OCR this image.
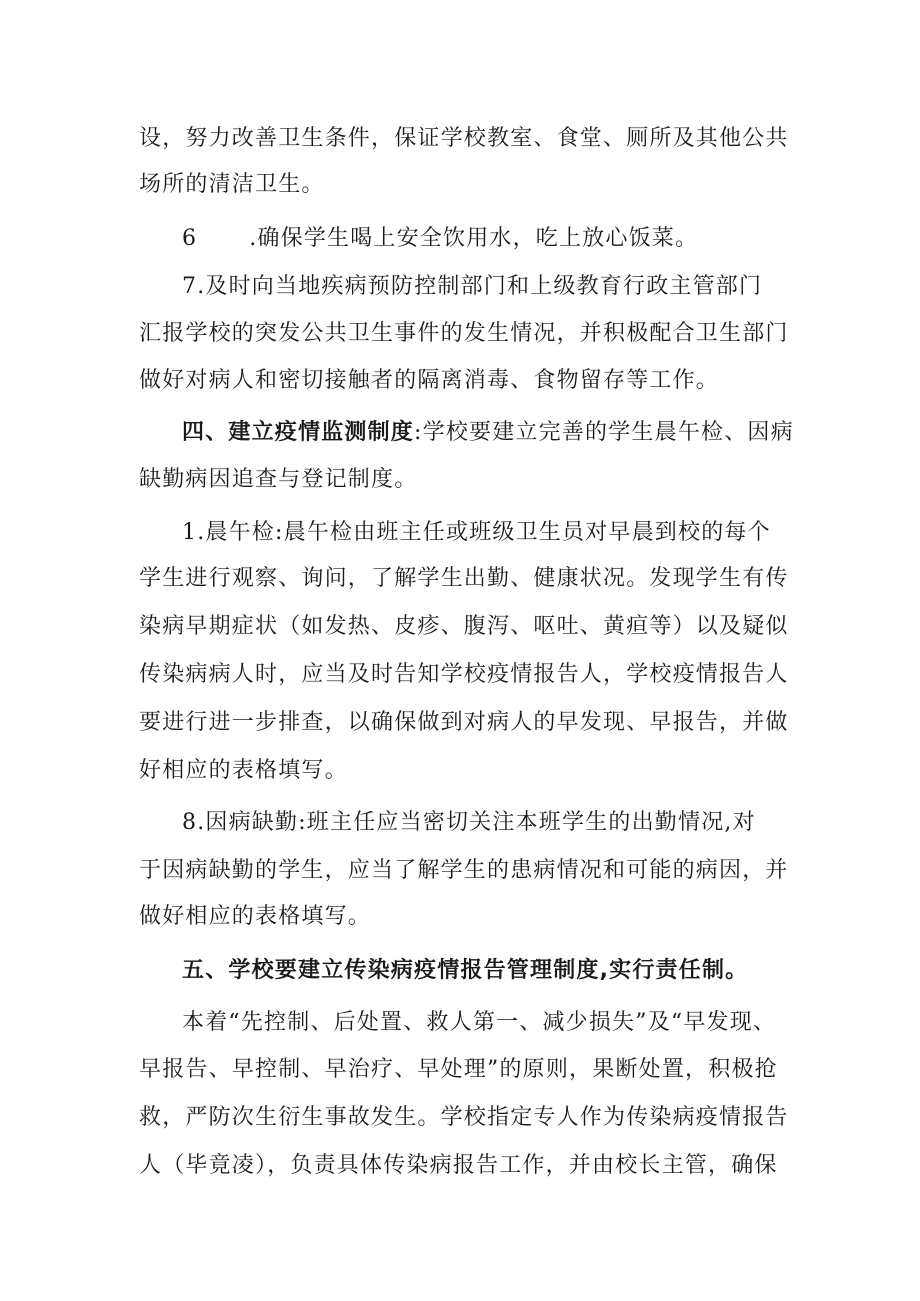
设，努力改善卫生条件，保证学校教室、食堂、厕所及其他公共
场所的清洁卫生。
6 .确保学生喝上安全饮用水，吃上放心饭菜。
7.及时向当地疾病预防控制部门和上级教育行政主管部门
汇报学校的突发公共卫生事件的发生情况，并积极配合卫生部门
做好对病人和密切接触者的隔离消毒、食物留存等工作。
四、建立疫情监测制度:学校要建立完善的学生晨午检、因病
缺勤病因追查与登记制度。
1.晨午检:晨午检由班主任或班级卫生员对早晨到校的每个
学生进行观察、询问，了解学生出勤、健康状况。发现学生有传
染病早期症状（如发热、皮疹、腹泻、呕吐、黄疸等）以及疑似
传染病病人时，应当及时告知学校疫情报告人，学校疫情报告人
要进行进一步排查，以确保做到对病人的早发现、早报告，并做
好相应的表格填写。
8.因病缺勤:班主任应当密切关注本班学生的出勤情况,对
于因病缺勤的学生，应当了解学生的患病情况和可能的病因，并
做好相应的表格填写。
五、学校要建立传染病疫情报告管理制度,实行责任制。
本着“先控制、后处置、救人第一、减少损失”及“早发现、
早报告、早控制、早治疗、早处理”的原则，果断处置，积极抢
救，严防次生衍生事故发生。学校指定专人作为传染病疫情报告
人（毕竟凌），负责具体传染病报告工作，并由校长主管，确保
